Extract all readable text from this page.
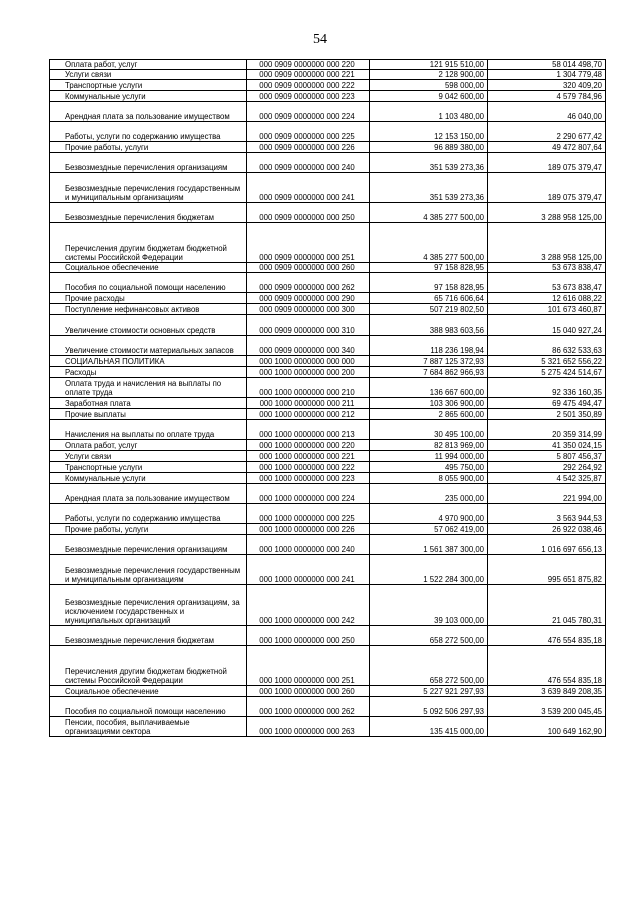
54
Оплата работ, услуг	000 0909 0000000 000 220	121 915 510,00	58 014 498,70
Услуги связи	000 0909 0000000 000 221	2 128 900,00	1 304 779,48
Транспортные услуги	000 0909 0000000 000 222	598 000,00	320 409,20
Коммунальные услуги	000 0909 0000000 000 223	9 042 600,00	4 579 784,96
Арендная плата за пользование имуществом	000 0909 0000000 000 224	1 103 480,00	46 040,00
Работы, услуги по содержанию имущества	000 0909 0000000 000 225	12 153 150,00	2 290 677,42
Прочие работы, услуги	000 0909 0000000 000 226	96 889 380,00	49 472 807,64
Безвозмездные перечисления организациям	000 0909 0000000 000 240	351 539 273,36	189 075 379,47
Безвозмездные перечисления государственным и муниципальным организациям	000 0909 0000000 000 241	351 539 273,36	189 075 379,47
Безвозмездные перечисления бюджетам	000 0909 0000000 000 250	4 385 277 500,00	3 288 958 125,00
Перечисления другим бюджетам бюджетной системы Российской Федерации	000 0909 0000000 000 251	4 385 277 500,00	3 288 958 125,00
Социальное обеспечение	000 0909 0000000 000 260	97 158 828,95	53 673 838,47
Пособия по социальной помощи населению	000 0909 0000000 000 262	97 158 828,95	53 673 838,47
Прочие расходы	000 0909 0000000 000 290	65 716 606,64	12 616 088,22
Поступление нефинансовых активов	000 0909 0000000 000 300	507 219 802,50	101 673 460,87
Увеличение стоимости основных средств	000 0909 0000000 000 310	388 983 603,56	15 040 927,24
Увеличение стоимости материальных запасов	000 0909 0000000 000 340	118 236 198,94	86 632 533,63
СОЦИАЛЬНАЯ ПОЛИТИКА	000 1000 0000000 000 000	7 887 125 372,93	5 321 652 556,22
Расходы	000 1000 0000000 000 200	7 684 862 966,93	5 275 424 514,67
Оплата труда и начисления на выплаты по оплате труда	000 1000 0000000 000 210	136 667 600,00	92 336 160,35
Заработная плата	000 1000 0000000 000 211	103 306 900,00	69 475 494,47
Прочие выплаты	000 1000 0000000 000 212	2 865 600,00	2 501 350,89
Начисления на выплаты по оплате труда	000 1000 0000000 000 213	30 495 100,00	20 359 314,99
Оплата работ, услуг	000 1000 0000000 000 220	82 813 969,00	41 350 024,15
Услуги связи	000 1000 0000000 000 221	11 994 000,00	5 807 456,37
Транспортные услуги	000 1000 0000000 000 222	495 750,00	292 264,92
Коммунальные услуги	000 1000 0000000 000 223	8 055 900,00	4 542 325,87
Арендная плата за пользование имуществом	000 1000 0000000 000 224	235 000,00	221 994,00
Работы, услуги по содержанию имущества	000 1000 0000000 000 225	4 970 900,00	3 563 944,53
Прочие работы, услуги	000 1000 0000000 000 226	57 062 419,00	26 922 038,46
Безвозмездные перечисления организациям	000 1000 0000000 000 240	1 561 387 300,00	1 016 697 656,13
Безвозмездные перечисления государственным и муниципальным организациям	000 1000 0000000 000 241	1 522 284 300,00	995 651 875,82
Безвозмездные перечисления организациям, за исключением государственных и муниципальных организаций	000 1000 0000000 000 242	39 103 000,00	21 045 780,31
Безвозмездные перечисления бюджетам	000 1000 0000000 000 250	658 272 500,00	476 554 835,18
Перечисления другим бюджетам бюджетной системы Российской Федерации	000 1000 0000000 000 251	658 272 500,00	476 554 835,18
Социальное обеспечение	000 1000 0000000 000 260	5 227 921 297,93	3 639 849 208,35
Пособия по социальной помощи населению	000 1000 0000000 000 262	5 092 506 297,93	3 539 200 045,45
Пенсии, пособия, выплачиваемые организациями сектора	000 1000 0000000 000 263	135 415 000,00	100 649 162,90
